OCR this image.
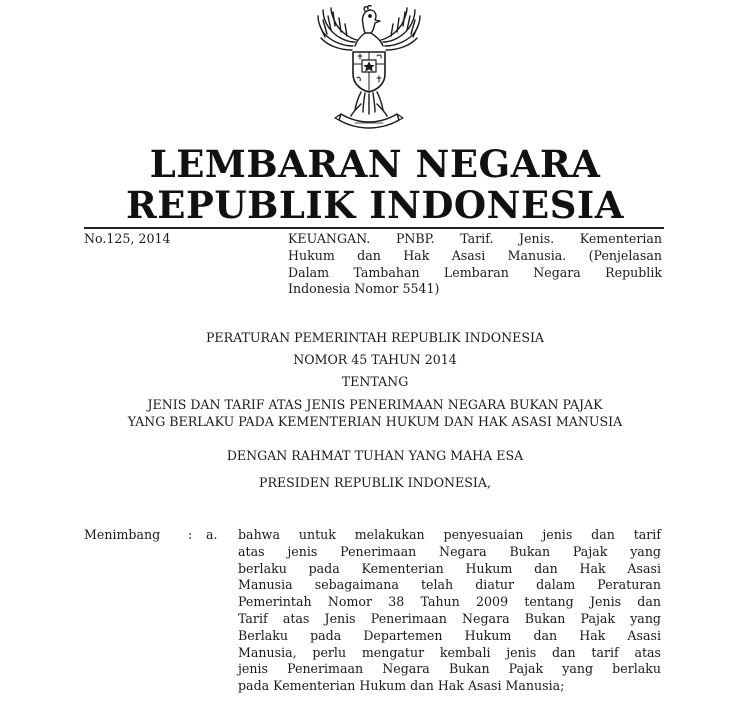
LEMBARAN NEGARA
REPUBLIK INDONESIA
No.125, 2014	KEUANGAN. PNBP. Tarif. Jenis. Kementerian
Hukum dan Hak Asasi Manusia. (Penjelasan
Dalam Tambahan Lembaran Negara Republik
Indonesia Nomor 5541)
PERATURAN PEMERINTAH REPUBLIK INDONESIA
NOMOR 45 TAHUN 2014
TENTANG
JENIS DAN TARIF ATAS JENIS PENERIMAAN NEGARA BUKAN PAJAK
YANG BERLAKU PADA KEMENTERIAN HUKUM DAN HAK ASASI MANUSIA
DENGAN RAHMAT TUHAN YANG MAHA ESA
PRESIDEN REPUBLIK INDONESIA,
Menimbang : a. bahwa untuk melakukan penyesuaian jenis dan tarif
atas jenis Penerimaan Negara Bukan Pajak yang
berlaku pada Kementerian Hukum dan Hak Asasi
Manusia sebagaimana telah diatur dalam Peraturan
Pemerintah Nomor 38 Tahun 2009 tentang Jenis dan
Tarif atas Jenis Penerimaan Negara Bukan Pajak yang
Berlaku pada Departemen Hukum dan Hak Asasi
Manusia, perlu mengatur kembali jenis dan tarif atas
jenis Penerimaan Negara Bukan Pajak yang berlaku
pada Kementerian Hukum dan Hak Asasi Manusia;
